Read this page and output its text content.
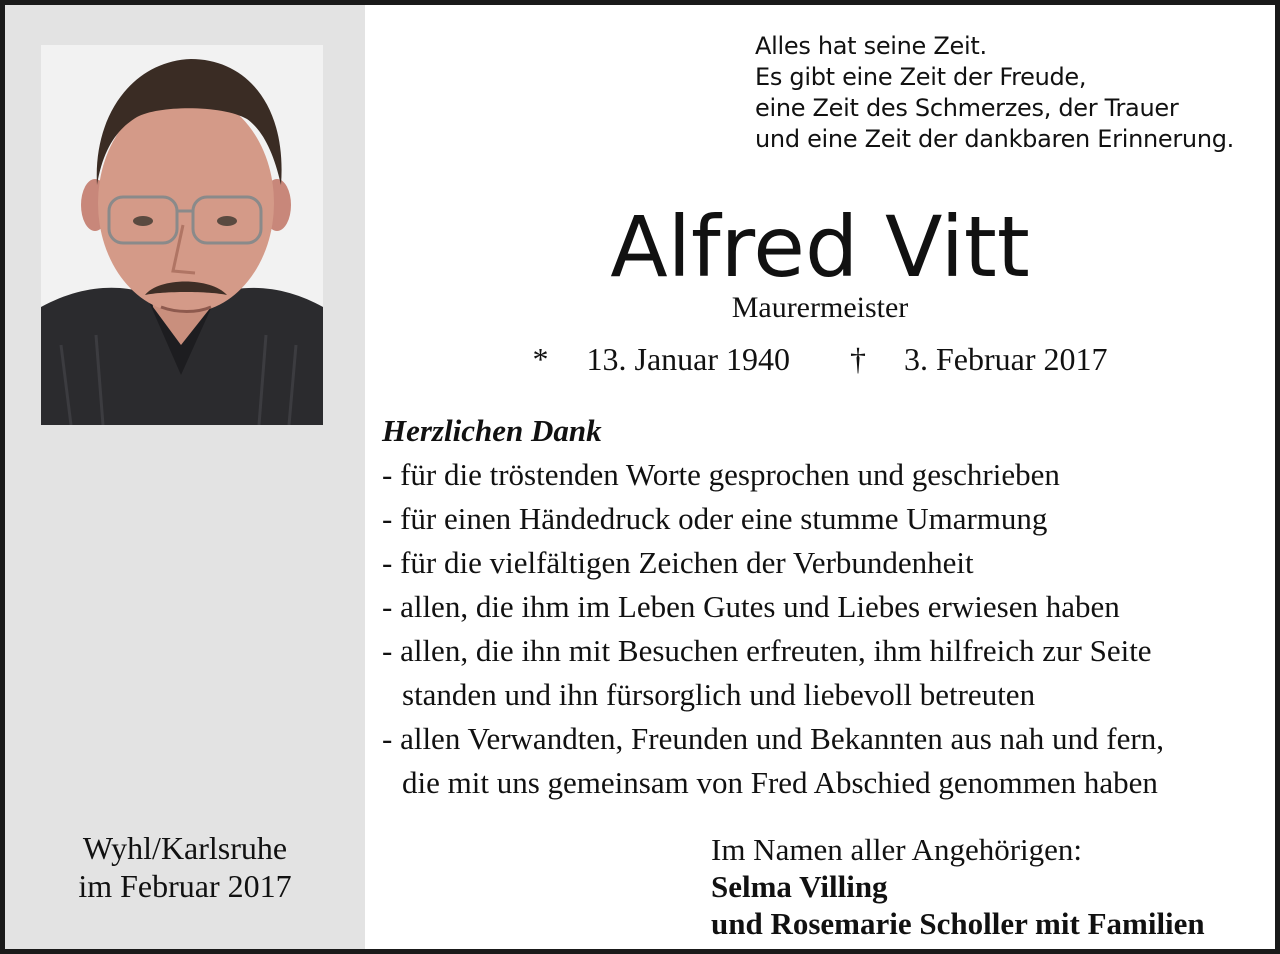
Wyhl/Karlsruhe
im Februar 2017
Alles hat seine Zeit.
Es gibt eine Zeit der Freude,
eine Zeit des Schmerzes, der Trauer
und eine Zeit der dankbaren Erinnerung.
Alfred Vitt
Maurermeister
* 13. Januar 1940 † 3. Februar 2017
Herzlichen Dank
- für die tröstenden Worte gesprochen und geschrieben
- für einen Händedruck oder eine stumme Umarmung
- für die vielfältigen Zeichen der Verbundenheit
- allen, die ihm im Leben Gutes und Liebes erwiesen haben
- allen, die ihn mit Besuchen erfreuten, ihm hilfreich zur Seite
standen und ihn fürsorglich und liebevoll betreuten
- allen Verwandten, Freunden und Bekannten aus nah und fern,
die mit uns gemeinsam von Fred Abschied genommen haben
Im Namen aller Angehörigen:
Selma Villing
und Rosemarie Scholler mit Familien
